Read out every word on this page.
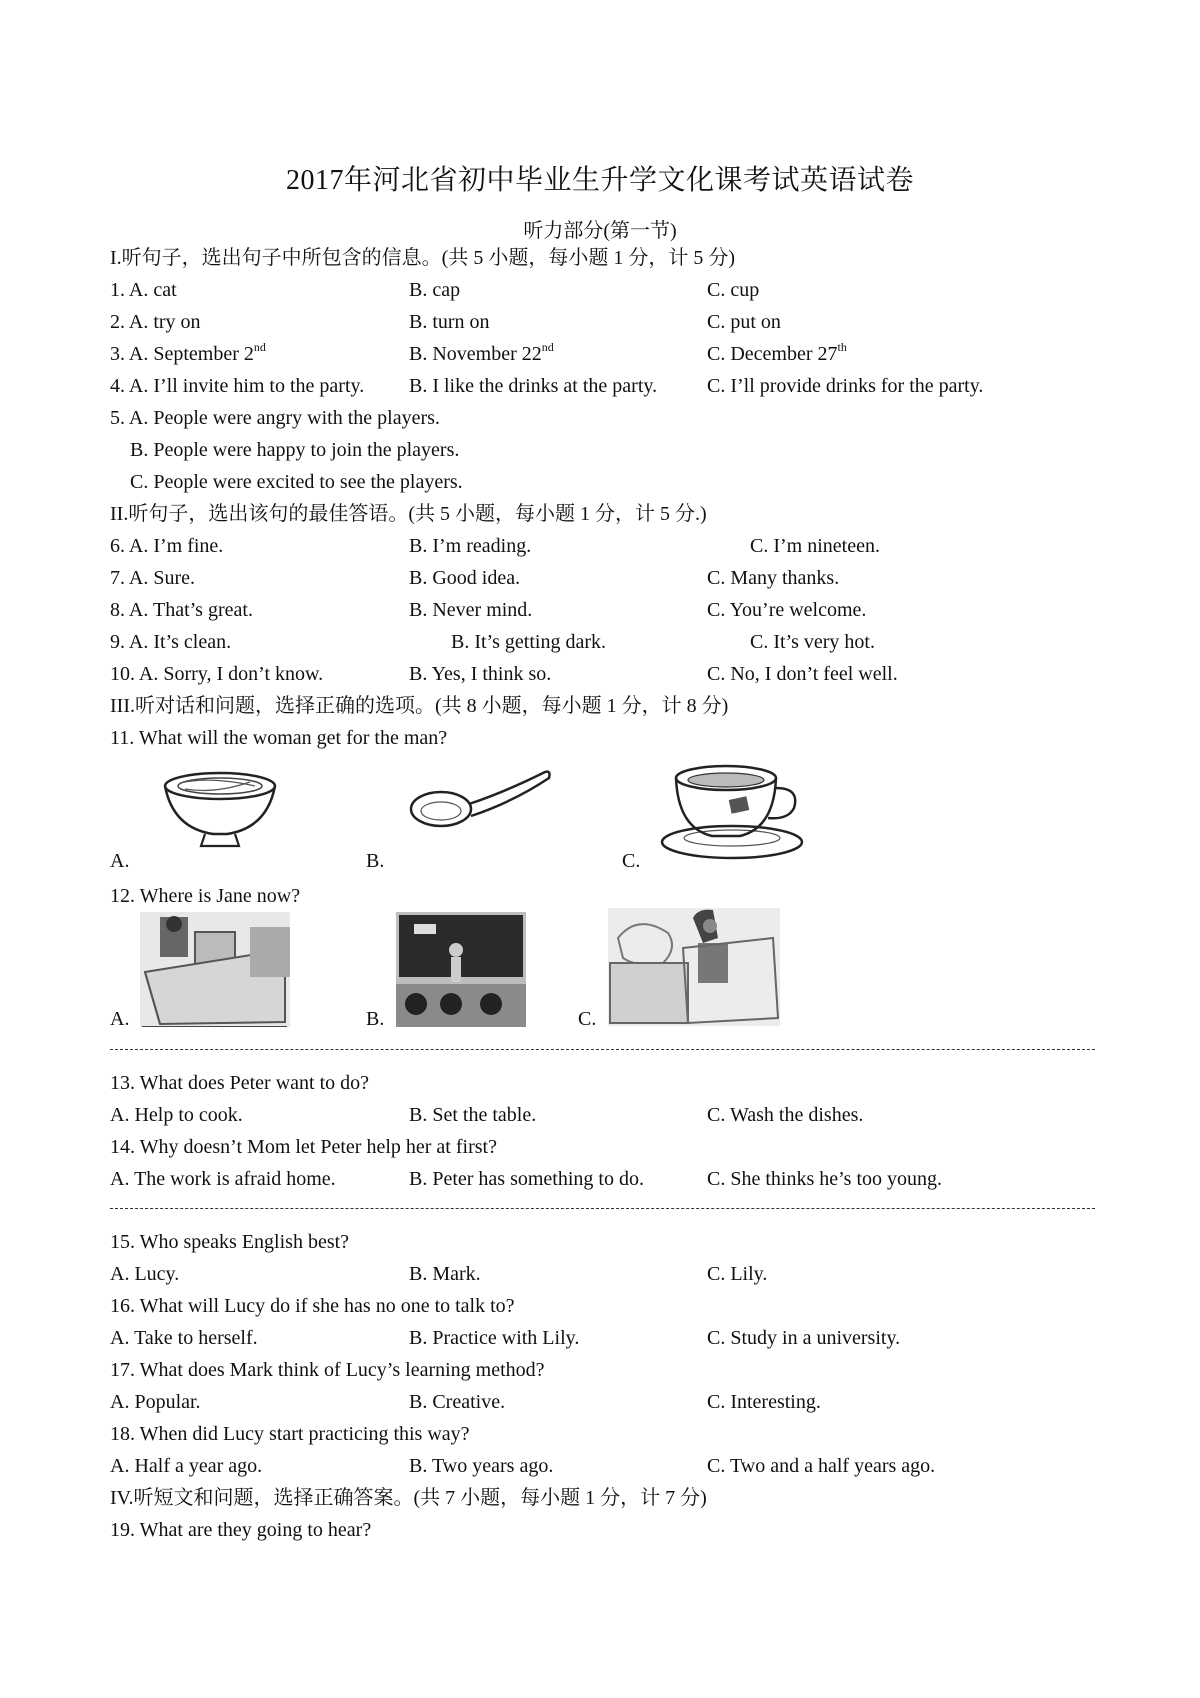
2017年河北省初中毕业生升学文化课考试英语试卷
听力部分(第一节)
I.听句子，选出句子中所包含的信息。(共 5 小题，每小题 1 分，计 5 分)
1. A. cat	B. cap	C. cup
2. A. try on	B. turn on	C. put on
3. A. September 2nd	B. November 22nd	C. December 27th
4. A. I’ll invite him to the party. B. I like the drinks at the party. C. I’ll provide drinks for the party.
5. A. People were angry with the players.
B. People were happy to join the players.
C. People were excited to see the players.
II.听句子，选出该句的最佳答语。(共 5 小题，每小题 1 分，计 5 分.)
6. A. I’m fine.	B. I’m reading.	C. I’m nineteen.
7. A. Sure.	B. Good idea.	C. Many thanks.
8. A. That’s great.	B. Never mind.	C. You’re welcome.
9. A. It’s clean.	B. It’s getting dark.	C. It’s very hot.
10. A. Sorry, I don’t know.	B. Yes, I think so.	C. No, I don’t feel well.
III.听对话和问题，选择正确的选项。(共 8 小题，每小题 1 分，计 8 分)
11. What will the woman get for the man?
A.	B.	C.
12. Where is Jane now?
A.	B.	C.
13. What does Peter want to do?
A. Help to cook.	B. Set the table.	C. Wash the dishes.
14. Why doesn’t Mom let Peter help her at first?
A. The work is afraid home.	B. Peter has something to do.	C. She thinks he’s too young.
15. Who speaks English best?
A. Lucy.	B. Mark.	C. Lily.
16. What will Lucy do if she has no one to talk to?
A. Take to herself.	B. Practice with Lily.	C. Study in a university.
17. What does Mark think of Lucy’s learning method?
A. Popular.	B. Creative.	C. Interesting.
18. When did Lucy start practicing this way?
A. Half a year ago.	B. Two years ago.	C. Two and a half years ago.
IV.听短文和问题，选择正确答案。(共 7 小题，每小题 1 分，计 7 分)
19. What are they going to hear?
